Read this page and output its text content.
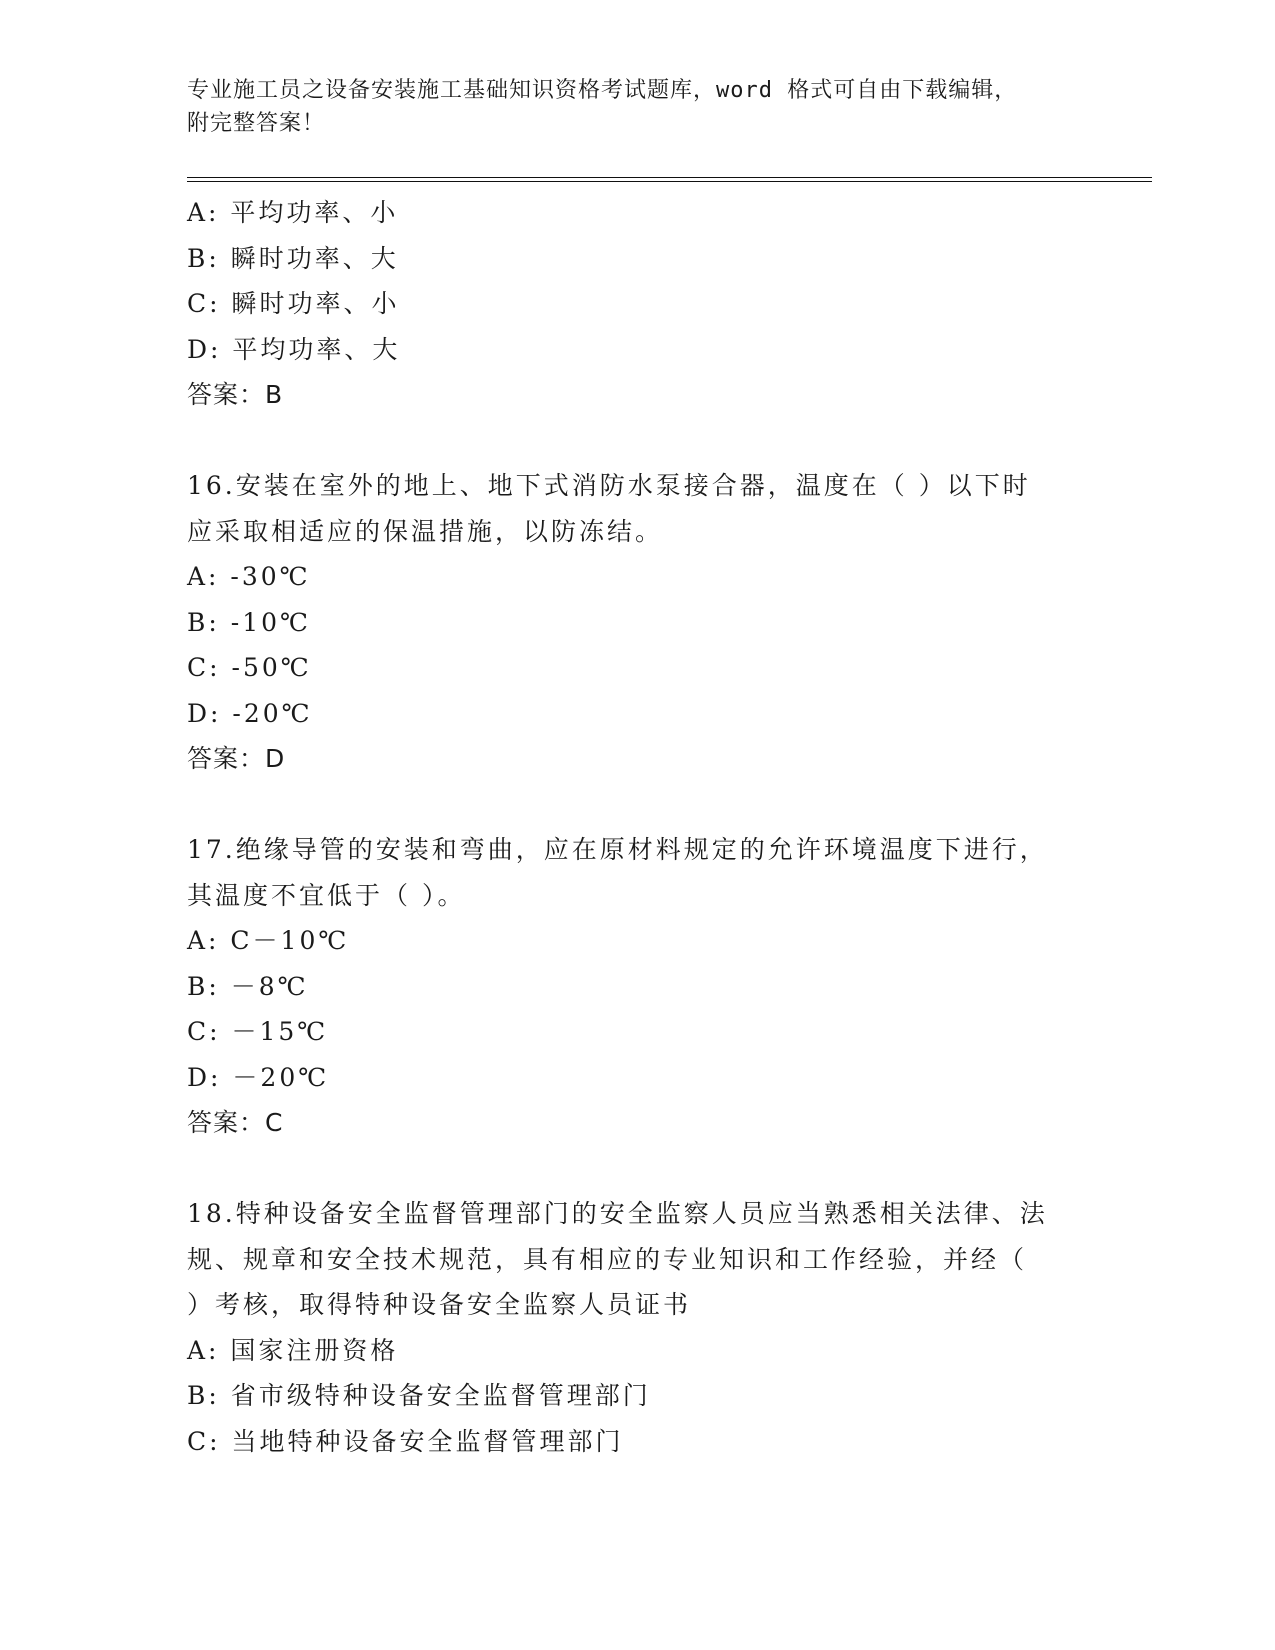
专业施工员之设备安装施工基础知识资格考试题库，word 格式可自由下载编辑，
附完整答案！
A: 平均功率、小
B: 瞬时功率、大
C: 瞬时功率、小
D: 平均功率、大
答案：B
16.安装在室外的地上、地下式消防水泵接合器，温度在（ ）以下时
应采取相适应的保温措施，以防冻结。
A: -30℃
B: -10℃
C: -50℃
D: -20℃
答案：D
17.绝缘导管的安装和弯曲，应在原材料规定的允许环境温度下进行，
其温度不宜低于（ ）。
A: C－10℃
B: －8℃
C: －15℃
D: －20℃
答案：C
18.特种设备安全监督管理部门的安全监察人员应当熟悉相关法律、法
规、规章和安全技术规范，具有相应的专业知识和工作经验，并经（
）考核，取得特种设备安全监察人员证书
A: 国家注册资格
B: 省市级特种设备安全监督管理部门
C: 当地特种设备安全监督管理部门
